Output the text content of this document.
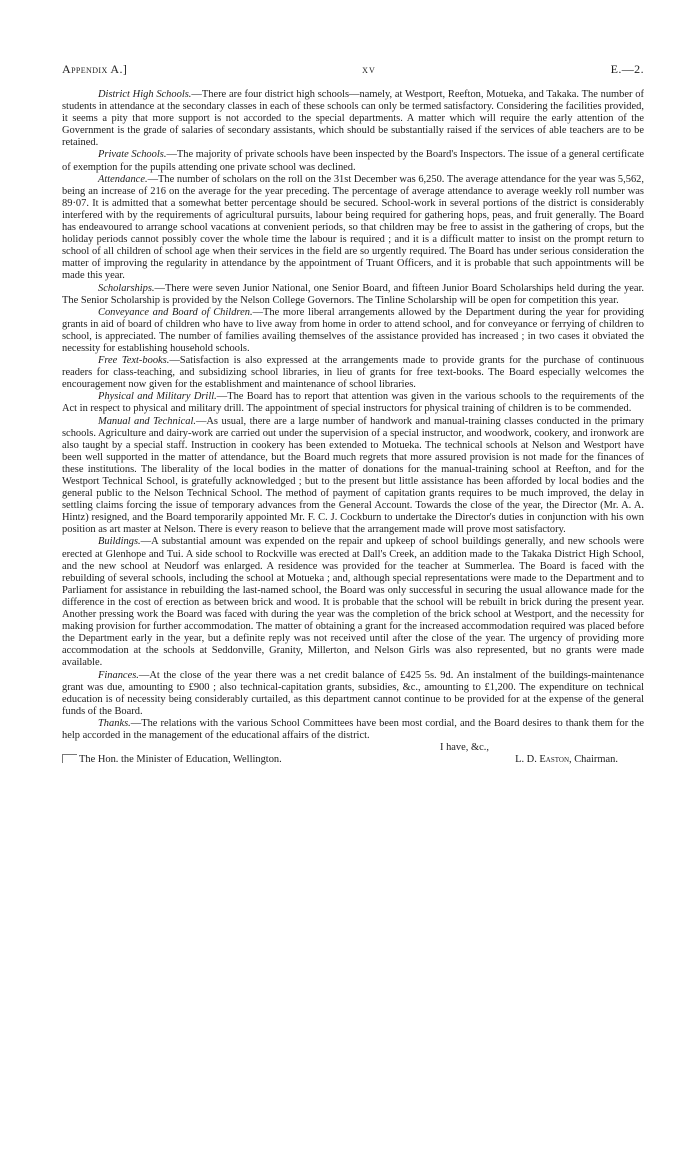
Appendix A.]	xv	E.—2.

District High Schools.—There are four district high schools—namely, at Westport, Reefton, Motueka, and Takaka. The number of students in attendance at the secondary classes in each of these schools can only be termed satisfactory. Considering the facilities provided, it seems a pity that more support is not accorded to the special departments. A matter which will require the early attention of the Government is the grade of salaries of secondary assistants, which should be substantially raised if the services of able teachers are to be retained.

Private Schools.—The majority of private schools have been inspected by the Board's Inspectors. The issue of a general certificate of exemption for the pupils attending one private school was declined.

Attendance.—The number of scholars on the roll on the 31st December was 6,250. The average attendance for the year was 5,562, being an increase of 216 on the average for the year preceding. The percentage of average attendance to average weekly roll number was 89·07. It is admitted that a somewhat better percentage should be secured. School-work in several portions of the district is considerably interfered with by the requirements of agricultural pursuits, labour being required for gathering hops, peas, and fruit generally. The Board has endeavoured to arrange school vacations at convenient periods, so that children may be free to assist in the gathering of crops, but the holiday periods cannot possibly cover the whole time the labour is required ; and it is a difficult matter to insist on the prompt return to school of all children of school age when their services in the field are so urgently required. The Board has under serious consideration the matter of improving the regularity in attendance by the appointment of Truant Officers, and it is probable that such appointments will be made this year.

Scholarships.—There were seven Junior National, one Senior Board, and fifteen Junior Board Scholarships held during the year. The Senior Scholarship is provided by the Nelson College Governors. The Tinline Scholarship will be open for competition this year.

Conveyance and Board of Children.—The more liberal arrangements allowed by the Department during the year for providing grants in aid of board of children who have to live away from home in order to attend school, and for conveyance or ferrying of children to school, is appreciated. The number of families availing themselves of the assistance provided has increased ; in two cases it obviated the necessity for establishing household schools.

Free Text-books.—Satisfaction is also expressed at the arrangements made to provide grants for the purchase of continuous readers for class-teaching, and subsidizing school libraries, in lieu of grants for free text-books. The Board especially welcomes the encouragement now given for the establishment and maintenance of school libraries.

Physical and Military Drill.—The Board has to report that attention was given in the various schools to the requirements of the Act in respect to physical and military drill. The appointment of special instructors for physical training of children is to be commended.

Manual and Technical.—As usual, there are a large number of handwork and manual-training classes conducted in the primary schools. Agriculture and dairy-work are carried out under the supervision of a special instructor, and woodwork, cookery, and ironwork are also taught by a special staff. Instruction in cookery has been extended to Motueka. The technical schools at Nelson and Westport have been well supported in the matter of attendance, but the Board much regrets that more assured provision is not made for the finances of these institutions. The liberality of the local bodies in the matter of donations for the manual-training school at Reefton, and for the Westport Technical School, is gratefully acknowledged ; but to the present but little assistance has been afforded by local bodies and the general public to the Nelson Technical School. The method of payment of capitation grants requires to be much improved, the delay in settling claims forcing the issue of temporary advances from the General Account. Towards the close of the year, the Director (Mr. A. A. Hintz) resigned, and the Board temporarily appointed Mr. F. C. J. Cockburn to undertake the Director's duties in conjunction with his own position as art master at Nelson. There is every reason to believe that the arrangement made will prove most satisfactory.

Buildings.—A substantial amount was expended on the repair and upkeep of school buildings generally, and new schools were erected at Glenhope and Tui. A side school to Rockville was erected at Dall's Creek, an addition made to the Takaka District High School, and the new school at Neudorf was enlarged. A residence was provided for the teacher at Summerlea. The Board is faced with the rebuilding of several schools, including the school at Motueka ; and, although special representations were made to the Department and to Parliament for assistance in rebuilding the last-named school, the Board was only successful in securing the usual allowance made for the difference in the cost of erection as between brick and wood. It is probable that the school will be rebuilt in brick during the present year. Another pressing work the Board was faced with during the year was the completion of the brick school at Westport, and the necessity for making provision for further accommodation. The matter of obtaining a grant for the increased accommodation required was placed before the Department early in the year, but a definite reply was not received until after the close of the year. The urgency of providing more accommodation at the schools at Seddonville, Granity, Millerton, and Nelson Girls was also represented, but no grants were made available.

Finances.—At the close of the year there was a net credit balance of £425 5s. 9d. An instalment of the buildings-maintenance grant was due, amounting to £900 ; also technical-capitation grants, subsidies, &c., amounting to £1,200. The expenditure on technical education is of necessity being considerably curtailed, as this department cannot continue to be provided for at the expense of the general funds of the Board.

Thanks.—The relations with the various School Committees have been most cordial, and the Board desires to thank them for the help accorded in the management of the educational affairs of the district.

I have, &c.,
The Hon. the Minister of Education, Wellington.	L. D. Easton, Chairman.
